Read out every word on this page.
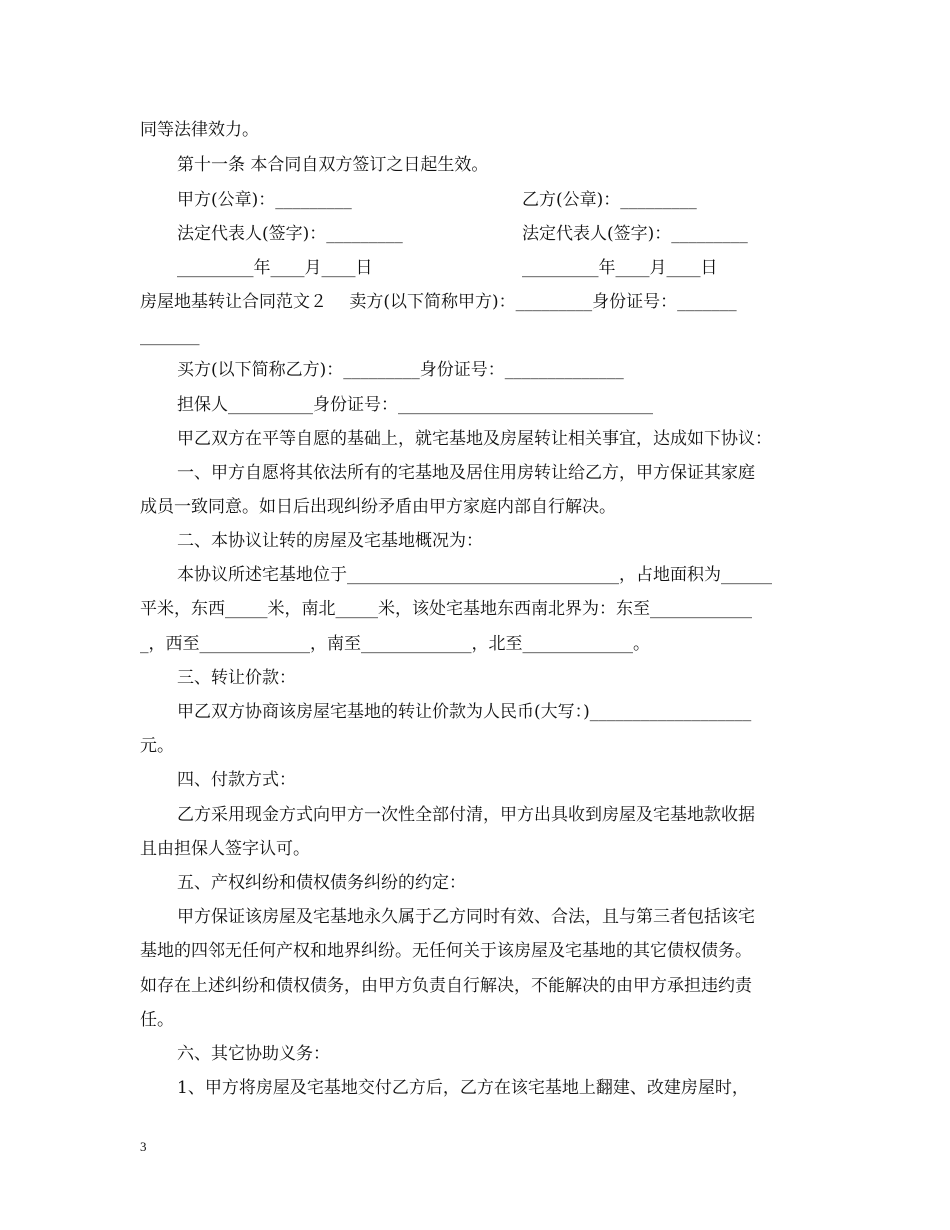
同等法律效力。
第十一条 本合同自双方签订之日起生效。
甲方(公章)：_________	乙方(公章)：_________
法定代表人(签字)：_________	法定代表人(签字)：_________
_________年____月____日	_________年____月____日
房屋地基转让合同范文２　 卖方(以下简称甲方)：_________身份证号：_______
_______
买方(以下简称乙方)：_________身份证号：______________
担保人__________身份证号：______________________________
甲乙双方在平等自愿的基础上，就宅基地及房屋转让相关事宜，达成如下协议：
一、甲方自愿将其依法所有的宅基地及居住用房转让给乙方，甲方保证其家庭
成员一致同意。如日后出现纠纷矛盾由甲方家庭内部自行解决。
二、本协议让转的房屋及宅基地概况为：
本协议所述宅基地位于________________________________，占地面积为______
平米，东西_____米，南北_____米，该处宅基地东西南北界为：东至____________
_，西至_____________，南至_____________，北至_____________。
三、转让价款：
甲乙双方协商该房屋宅基地的转让价款为人民币(大写：)___________________
元。
四、付款方式：
乙方采用现金方式向甲方一次性全部付清，甲方出具收到房屋及宅基地款收据
且由担保人签字认可。
五、产权纠纷和债权债务纠纷的约定：
甲方保证该房屋及宅基地永久属于乙方同时有效、合法，且与第三者包括该宅
基地的四邻无任何产权和地界纠纷。无任何关于该房屋及宅基地的其它债权债务。
如存在上述纠纷和债权债务，由甲方负责自行解决，不能解决的由甲方承担违约责
任。
六、其它协助义务：
1、甲方将房屋及宅基地交付乙方后，乙方在该宅基地上翻建、改建房屋时，
3
